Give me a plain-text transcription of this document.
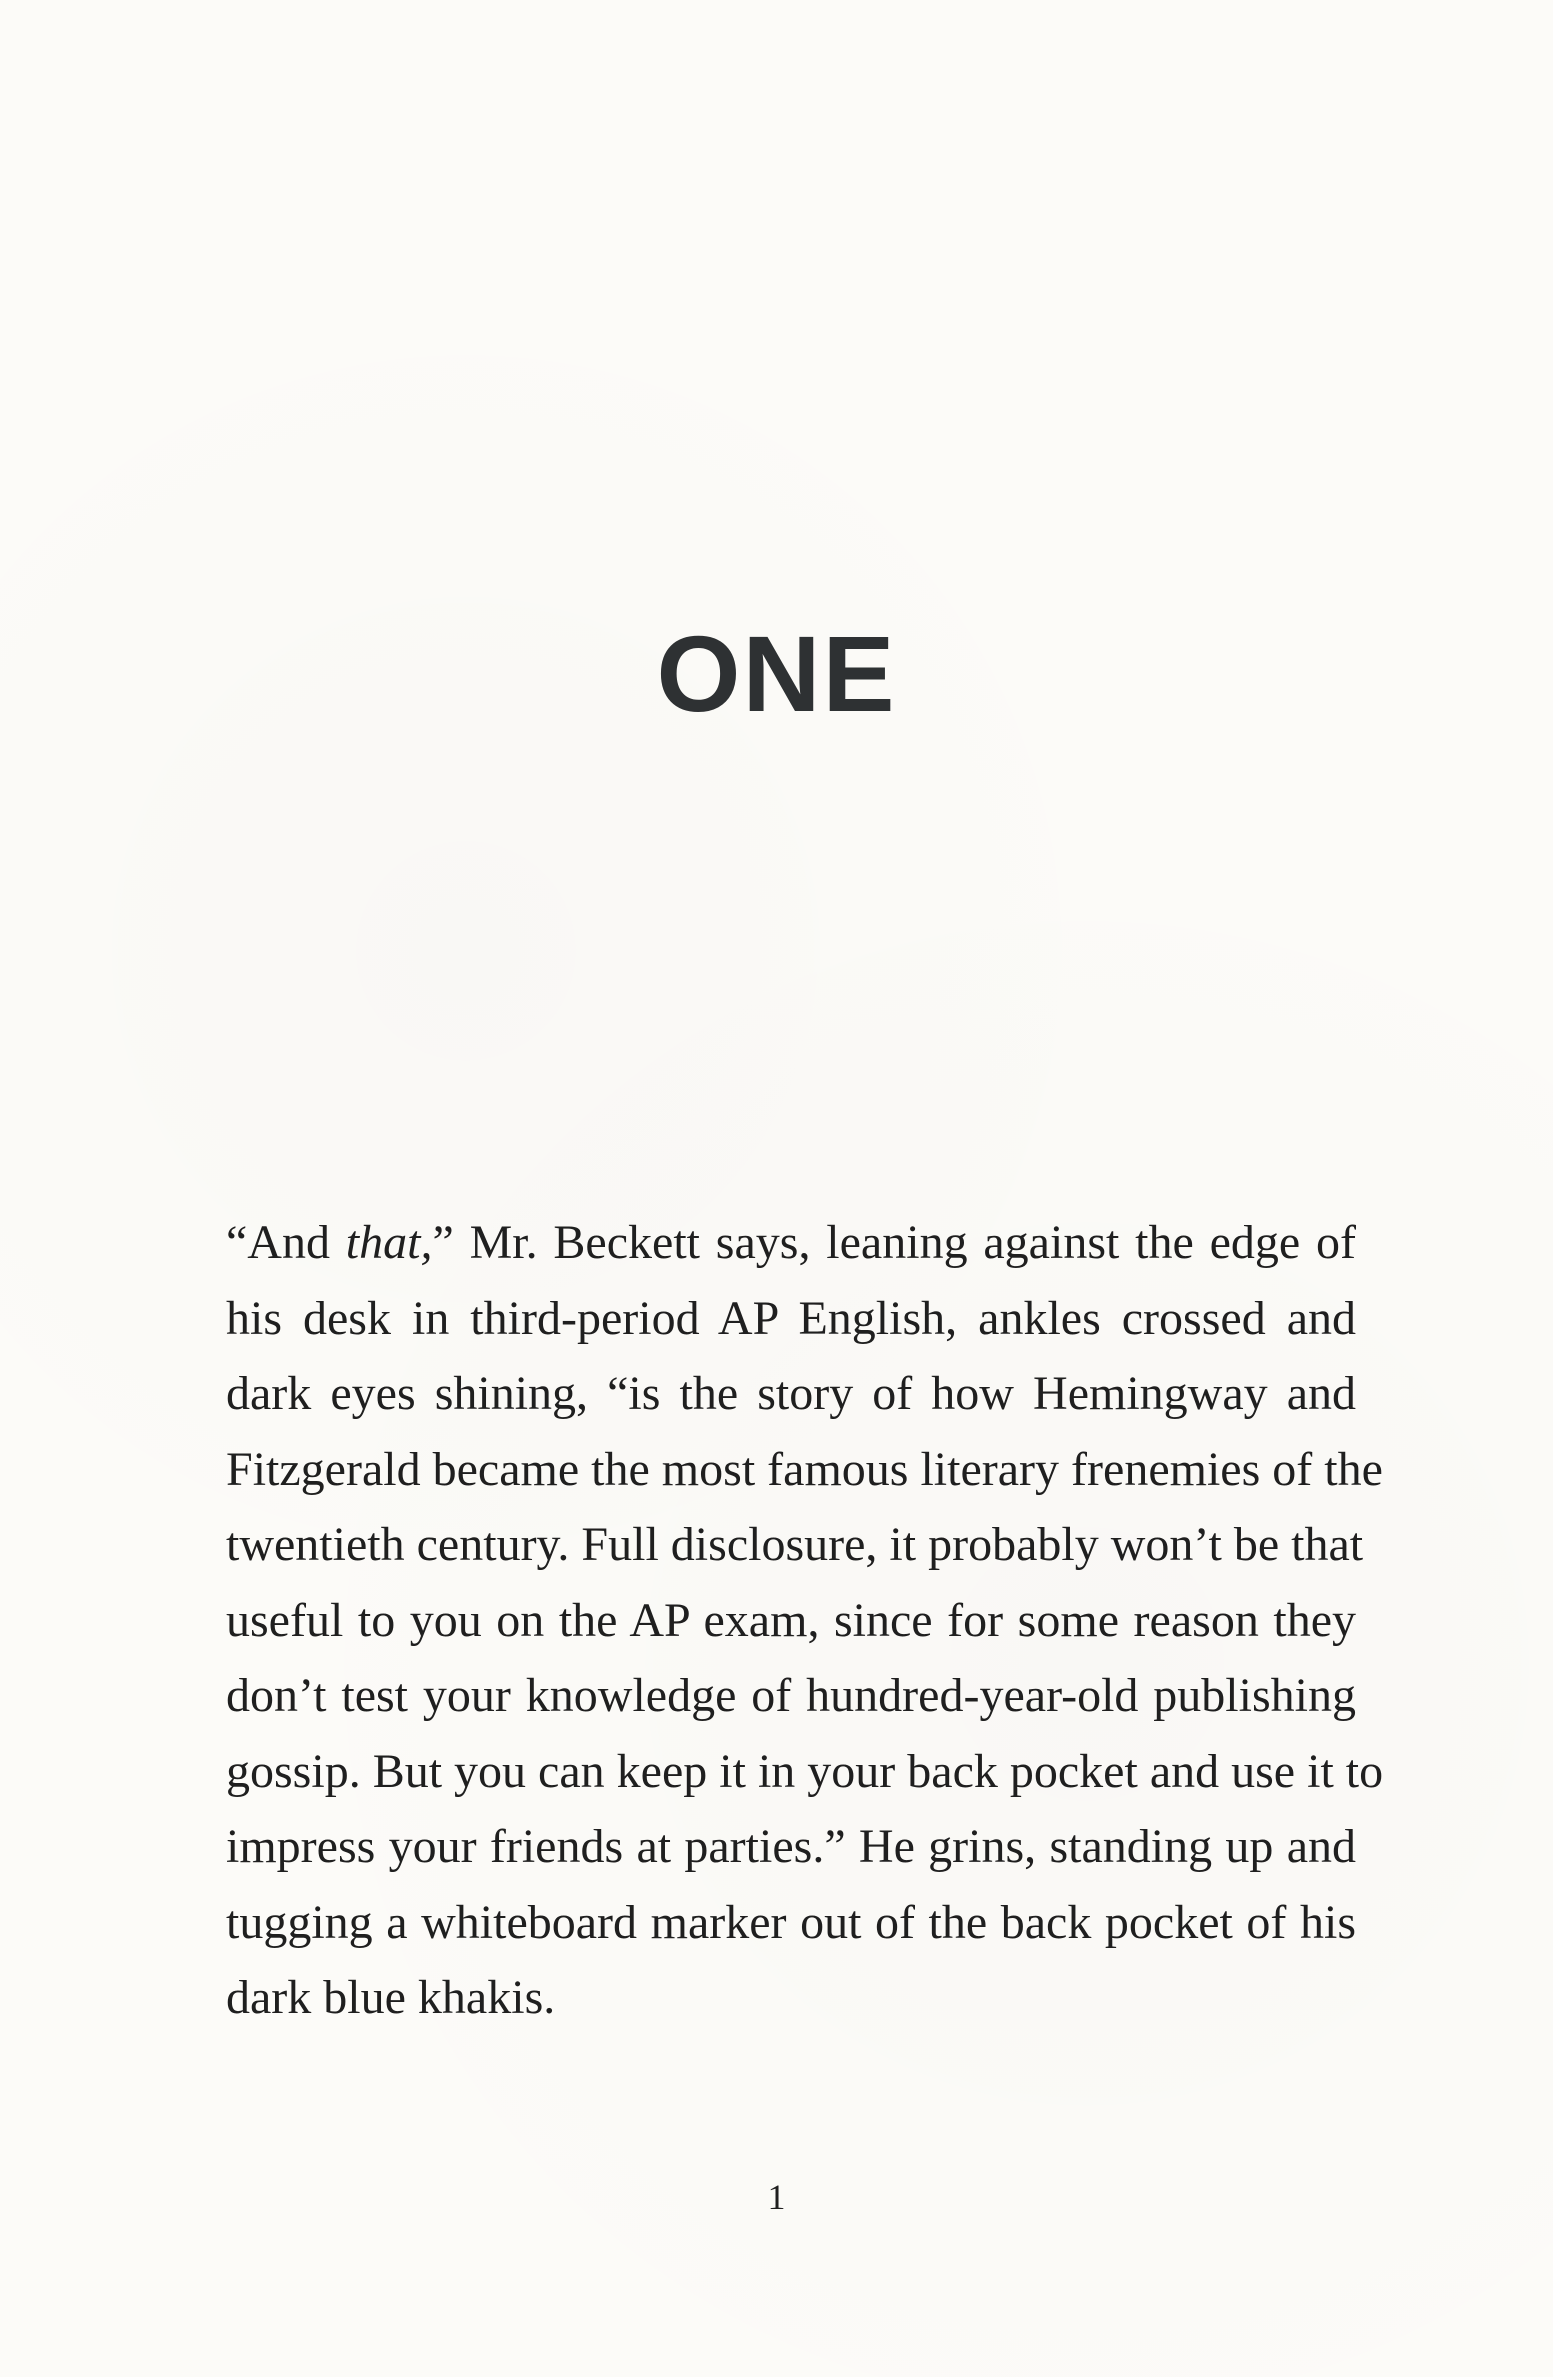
ONE
“And that,” Mr. Beckett says, leaning against the edge of
his desk in third-period AP English, ankles crossed and
dark eyes shining, “is the story of how Hemingway and
Fitzgerald became the most famous literary frenemies of the
twentieth century. Full disclosure, it probably won’t be that
useful to you on the AP exam, since for some reason they
don’t test your knowledge of hundred-year-old publishing
gossip. But you can keep it in your back pocket and use it to
impress your friends at parties.” He grins, standing up and
tugging a whiteboard marker out of the back pocket of his
dark blue khakis.
1
